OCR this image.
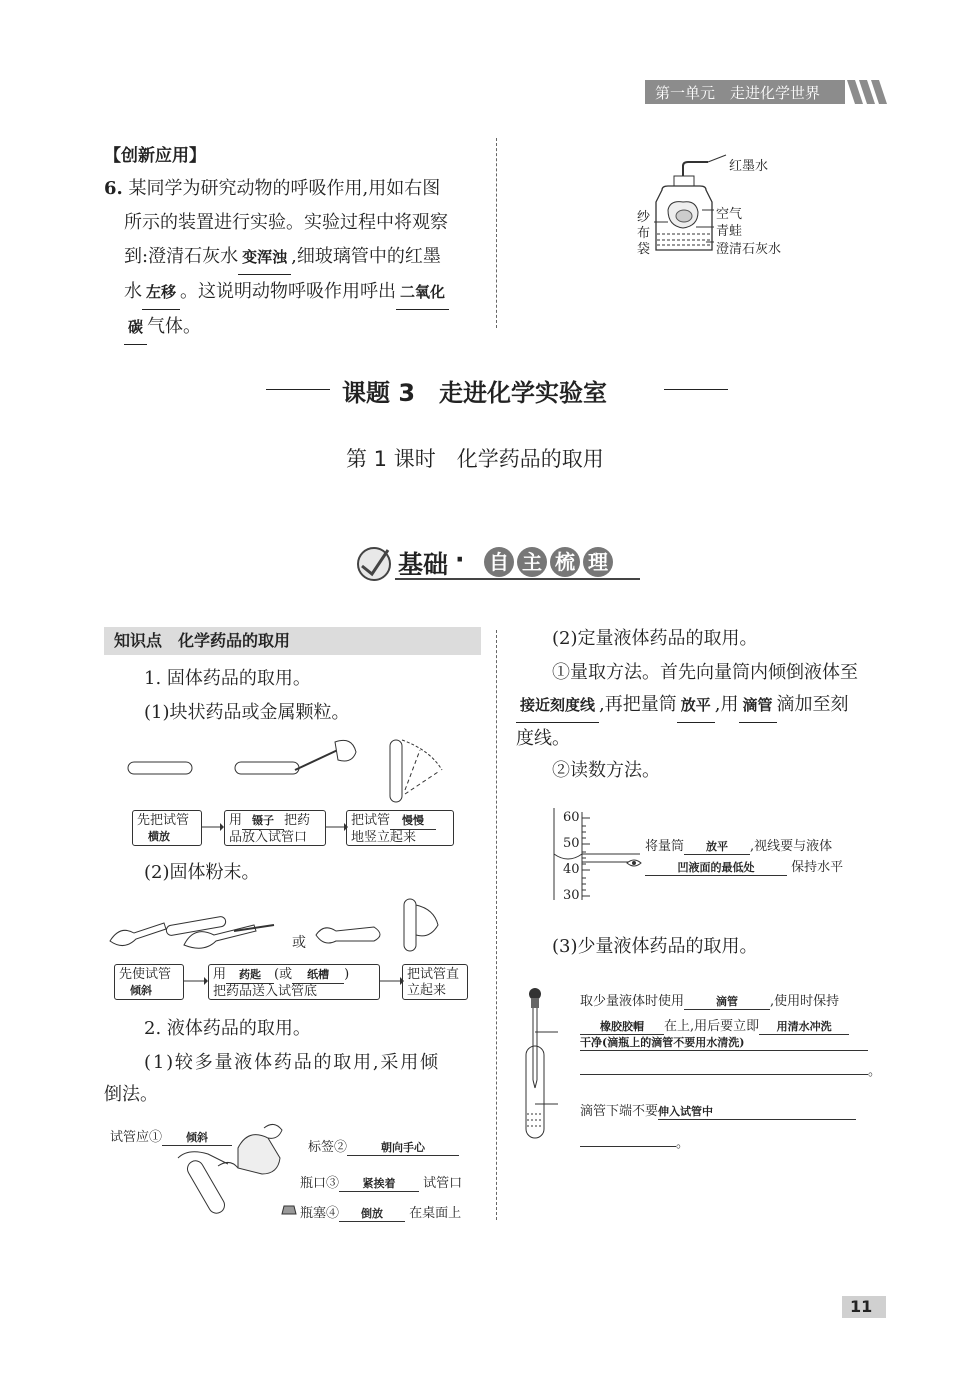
第一单元　走进化学世界
【创新应用】
6. 某同学为研究动物的呼吸作用,用如右图
所示的装置进行实验。实验过程中将观察
到:澄清石灰水 变浑浊 ,细玻璃管中的红墨
水 左移 。这说明动物呼吸作用呼出 二氧化
碳 气体。
红墨水
空气
青蛙
澄清石灰水
纱
布
袋
课题 3　走进化学实验室
第 1 课时　化学药品的取用
基础 · 自 主 梳 理
知识点　化学药品的取用
1. 固体药品的取用。
(1)块状药品或金属颗粒。
先把试管
横放
用 镊子 把药
品放入试管口
把试管 慢慢
地竖立起来
(2)固体粉末。
或
先使试管
倾斜
用 药匙 (或 纸槽 )
把药品送入试管底
把试管直
立起来
2. 液体药品的取用。
(1)较多量液体药品的取用,采用倾
倒法。
试管应① 倾斜
标签②	朝向手心
瓶口③ 紧挨着 试管口
瓶塞④ 倒放 在桌面上
(2)定量液体药品的取用。
①量取方法。首先向量筒内倾倒液体至
接近刻度线 ,再把量筒 放平 ,用 滴管 滴加至刻
度线。
②读数方法。
60
50
40
30
将量筒 放平 ,视线要与液体
凹液面的最低处	保持水平
(3)少量液体药品的取用。
取少量液体时使用	滴管 ,使用时保持
橡胶胶帽 在上,用后要立即 用清水冲洗
干净(滴瓶上的滴管不要用水清洗)
。
滴管下端不要伸入试管中
。
11
